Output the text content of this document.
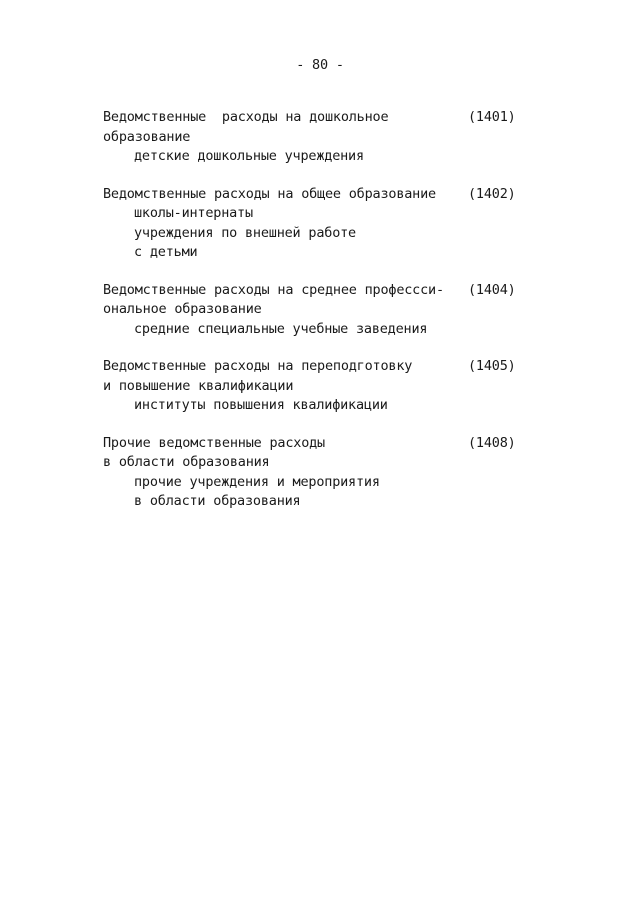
- 80 -
(1401)
Ведомственные  расходы на дошкольное
образование
детские дошкольные учреждения
(1402)
Ведомственные расходы на общее образование
школы-интернаты
учреждения по внешней работе
с детьми
(1404)
Ведомственные расходы на среднее профессси-
ональное образование
средние специальные учебные заведения
(1405)
Ведомственные расходы на переподготовку
и повышение квалификации
институты повышения квалификации
(1408)
Прочие ведомственные расходы
в области образования
прочие учреждения и мероприятия
в области образования
